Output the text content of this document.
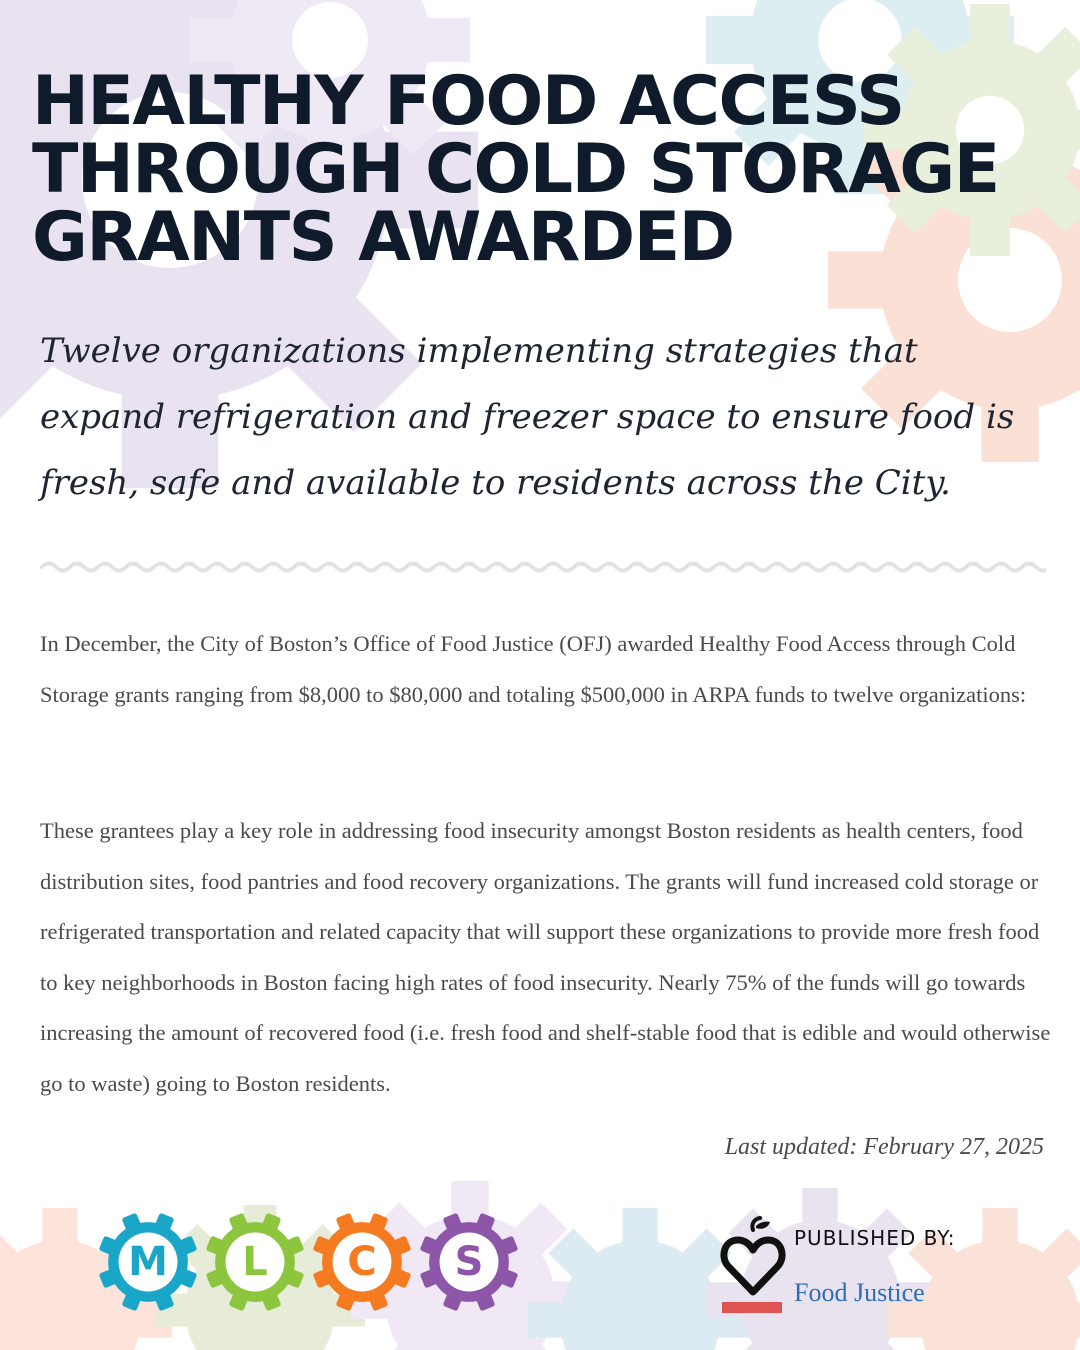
HEALTHY FOOD ACCESS
THROUGH COLD STORAGE
GRANTS AWARDED

Twelve organizations implementing strategies that expand refrigeration and freezer space to ensure food is fresh, safe and available to residents across the City.

In December, the City of Boston’s Office of Food Justice (OFJ) awarded Healthy Food Access through Cold Storage grants ranging from $8,000 to $80,000 and totaling $500,000 in ARPA funds to twelve organizations:

These grantees play a key role in addressing food insecurity amongst Boston residents as health centers, food distribution sites, food pantries and food recovery organizations. The grants will fund increased cold storage or refrigerated transportation and related capacity that will support these organizations to provide more fresh food to key neighborhoods in Boston facing high rates of food insecurity. Nearly 75% of the funds will go towards increasing the amount of recovered food (i.e. fresh food and shelf-stable food that is edible and would otherwise go to waste) going to Boston residents.

Last updated: February 27, 2025

M	L	C	S

PUBLISHED BY:

Food Justice
